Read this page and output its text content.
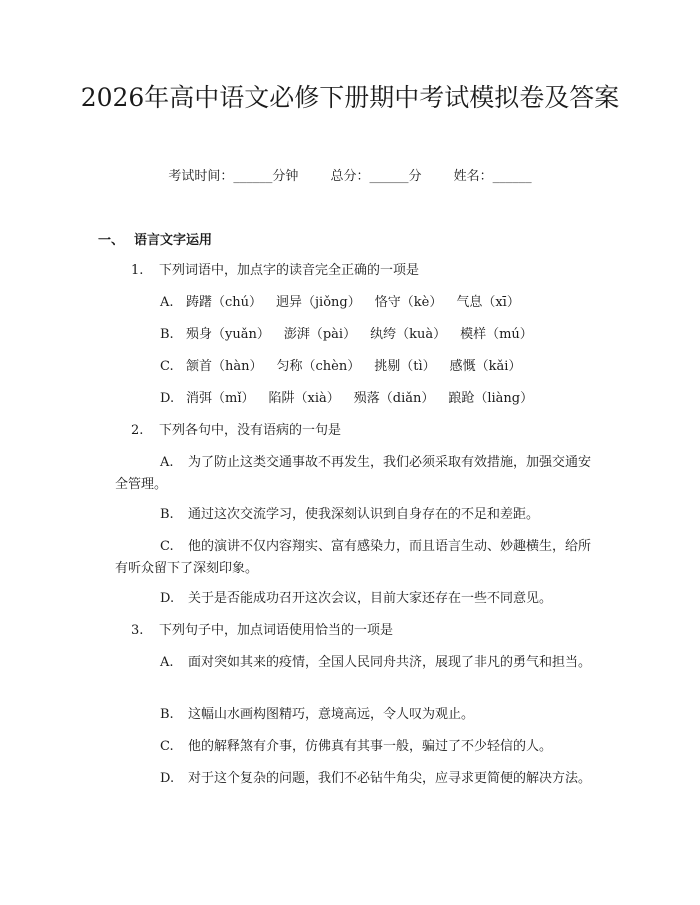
2026年高中语文必修下册期中考试模拟卷及答案
考试时间：______分钟 总分：______分 姓名：______
一、 语言文字运用
1. 下列词语中，加点字的读音完全正确的一项是
A. 踌躇（chú） 迥异（jiǒng） 恪守（kè） 气息（xī）
B. 殒身（yuǎn） 澎湃（pài） 纨绔（kuà） 模样（mú）
C. 颔首（hàn） 匀称（chèn） 挑剔（tì） 感慨（kǎi）
D. 消弭（mǐ） 陷阱（xià） 殒落（diǎn） 踉跄（liàng）
2. 下列各句中，没有语病的一句是
A. 为了防止这类交通事故不再发生，我们必须采取有效措施，加强交通安全管理。
B. 通过这次交流学习，使我深刻认识到自身存在的不足和差距。
C. 他的演讲不仅内容翔实、富有感染力，而且语言生动、妙趣横生，给所有听众留下了深刻印象。
D. 关于是否能成功召开这次会议，目前大家还存在一些不同意见。
3. 下列句子中，加点词语使用恰当的一项是
A. 面对突如其来的疫情，全国人民同舟共济，展现了非凡的勇气和担当。
B. 这幅山水画构图精巧，意境高远，令人叹为观止。
C. 他的解释煞有介事，仿佛真有其事一般，骗过了不少轻信的人。
D. 对于这个复杂的问题，我们不必钻牛角尖，应寻求更简便的解决方法。
